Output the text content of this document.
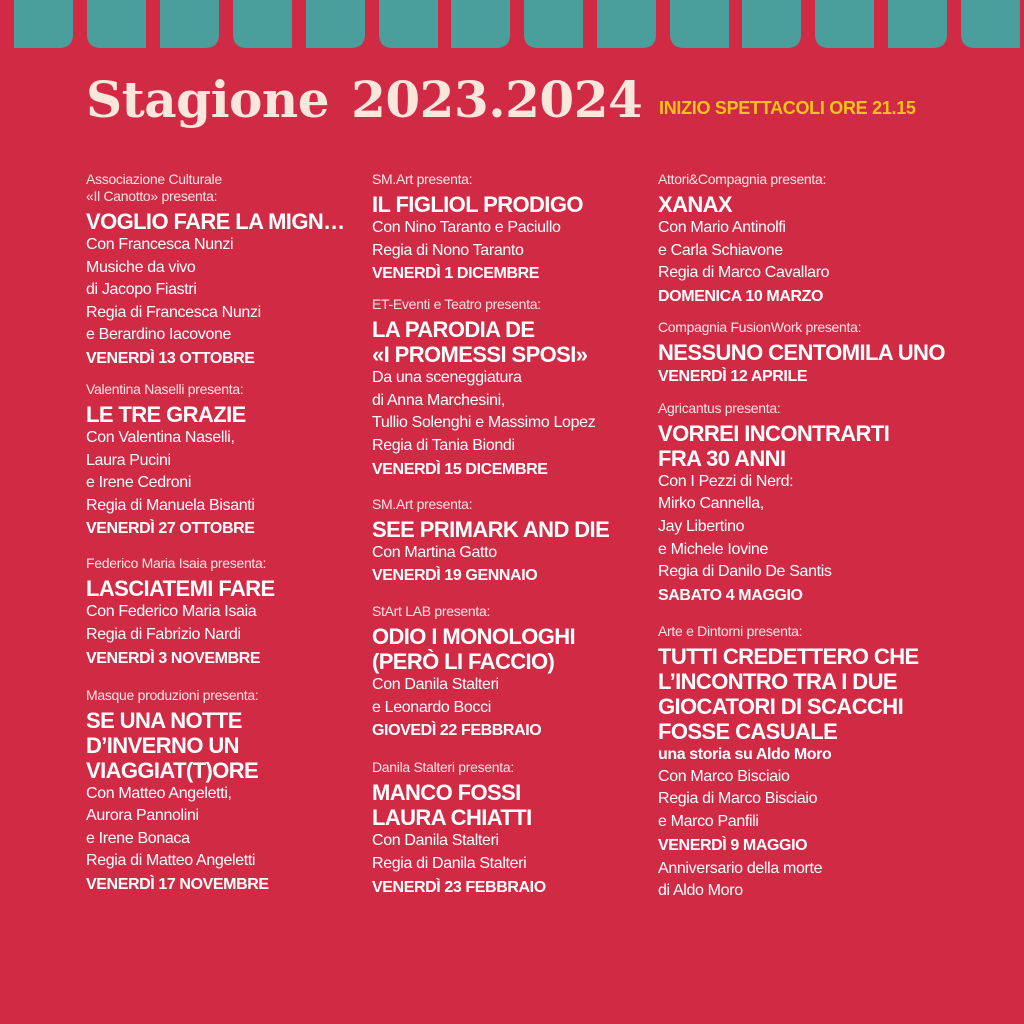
Stagione 2023.2024 INIZIO SPETTACOLI ORE 21.15
Associazione Culturale
«Il Canotto» presenta:
VOGLIO FARE LA MIGN…
Con Francesca Nunzi
Musiche da vivo
di Jacopo Fiastri
Regia di Francesca Nunzi
e Berardino Iacovone
VENERDÌ 13 OTTOBRE
Valentina Naselli presenta:
LE TRE GRAZIE
Con Valentina Naselli,
Laura Pucini
e Irene Cedroni
Regia di Manuela Bisanti
VENERDÌ 27 OTTOBRE
Federico Maria Isaia presenta:
LASCIATEMI FARE
Con Federico Maria Isaia
Regia di Fabrizio Nardi
VENERDÌ 3 NOVEMBRE
Masque produzioni presenta:
SE UNA NOTTE
D’INVERNO UN
VIAGGIAT(T)ORE
Con Matteo Angeletti,
Aurora Pannolini
e Irene Bonaca
Regia di Matteo Angeletti
VENERDÌ 17 NOVEMBRE
SM.Art presenta:
IL FIGLIOL PRODIGO
Con Nino Taranto e Paciullo
Regia di Nono Taranto
VENERDÌ 1 DICEMBRE
ET-Eventi e Teatro presenta:
LA PARODIA DE
«I PROMESSI SPOSI»
Da una sceneggiatura
di Anna Marchesini,
Tullio Solenghi e Massimo Lopez
Regia di Tania Biondi
VENERDÌ 15 DICEMBRE
SM.Art presenta:
SEE PRIMARK AND DIE
Con Martina Gatto
VENERDÌ 19 GENNAIO
StArt LAB presenta:
ODIO I MONOLOGHI
(PERÒ LI FACCIO)
Con Danila Stalteri
e Leonardo Bocci
GIOVEDÌ 22 FEBBRAIO
Danila Stalteri presenta:
MANCO FOSSI
LAURA CHIATTI
Con Danila Stalteri
Regia di Danila Stalteri
VENERDÌ 23 FEBBRAIO
Attori&Compagnia presenta:
XANAX
Con Mario Antinolfi
e Carla Schiavone
Regia di Marco Cavallaro
DOMENICA 10 MARZO
Compagnia FusionWork presenta:
NESSUNO CENTOMILA UNO
VENERDÌ 12 APRILE
Agricantus presenta:
VORREI INCONTRARTI
FRA 30 ANNI
Con I Pezzi di Nerd:
Mirko Cannella,
Jay Libertino
e Michele Iovine
Regia di Danilo De Santis
SABATO 4 MAGGIO
Arte e Dintorni presenta:
TUTTI CREDETTERO CHE
L’INCONTRO TRA I DUE
GIOCATORI DI SCACCHI
FOSSE CASUALE
una storia su Aldo Moro
Con Marco Bisciaio
Regia di Marco Bisciaio
e Marco Panfili
VENERDÌ 9 MAGGIO
Anniversario della morte
di Aldo Moro
